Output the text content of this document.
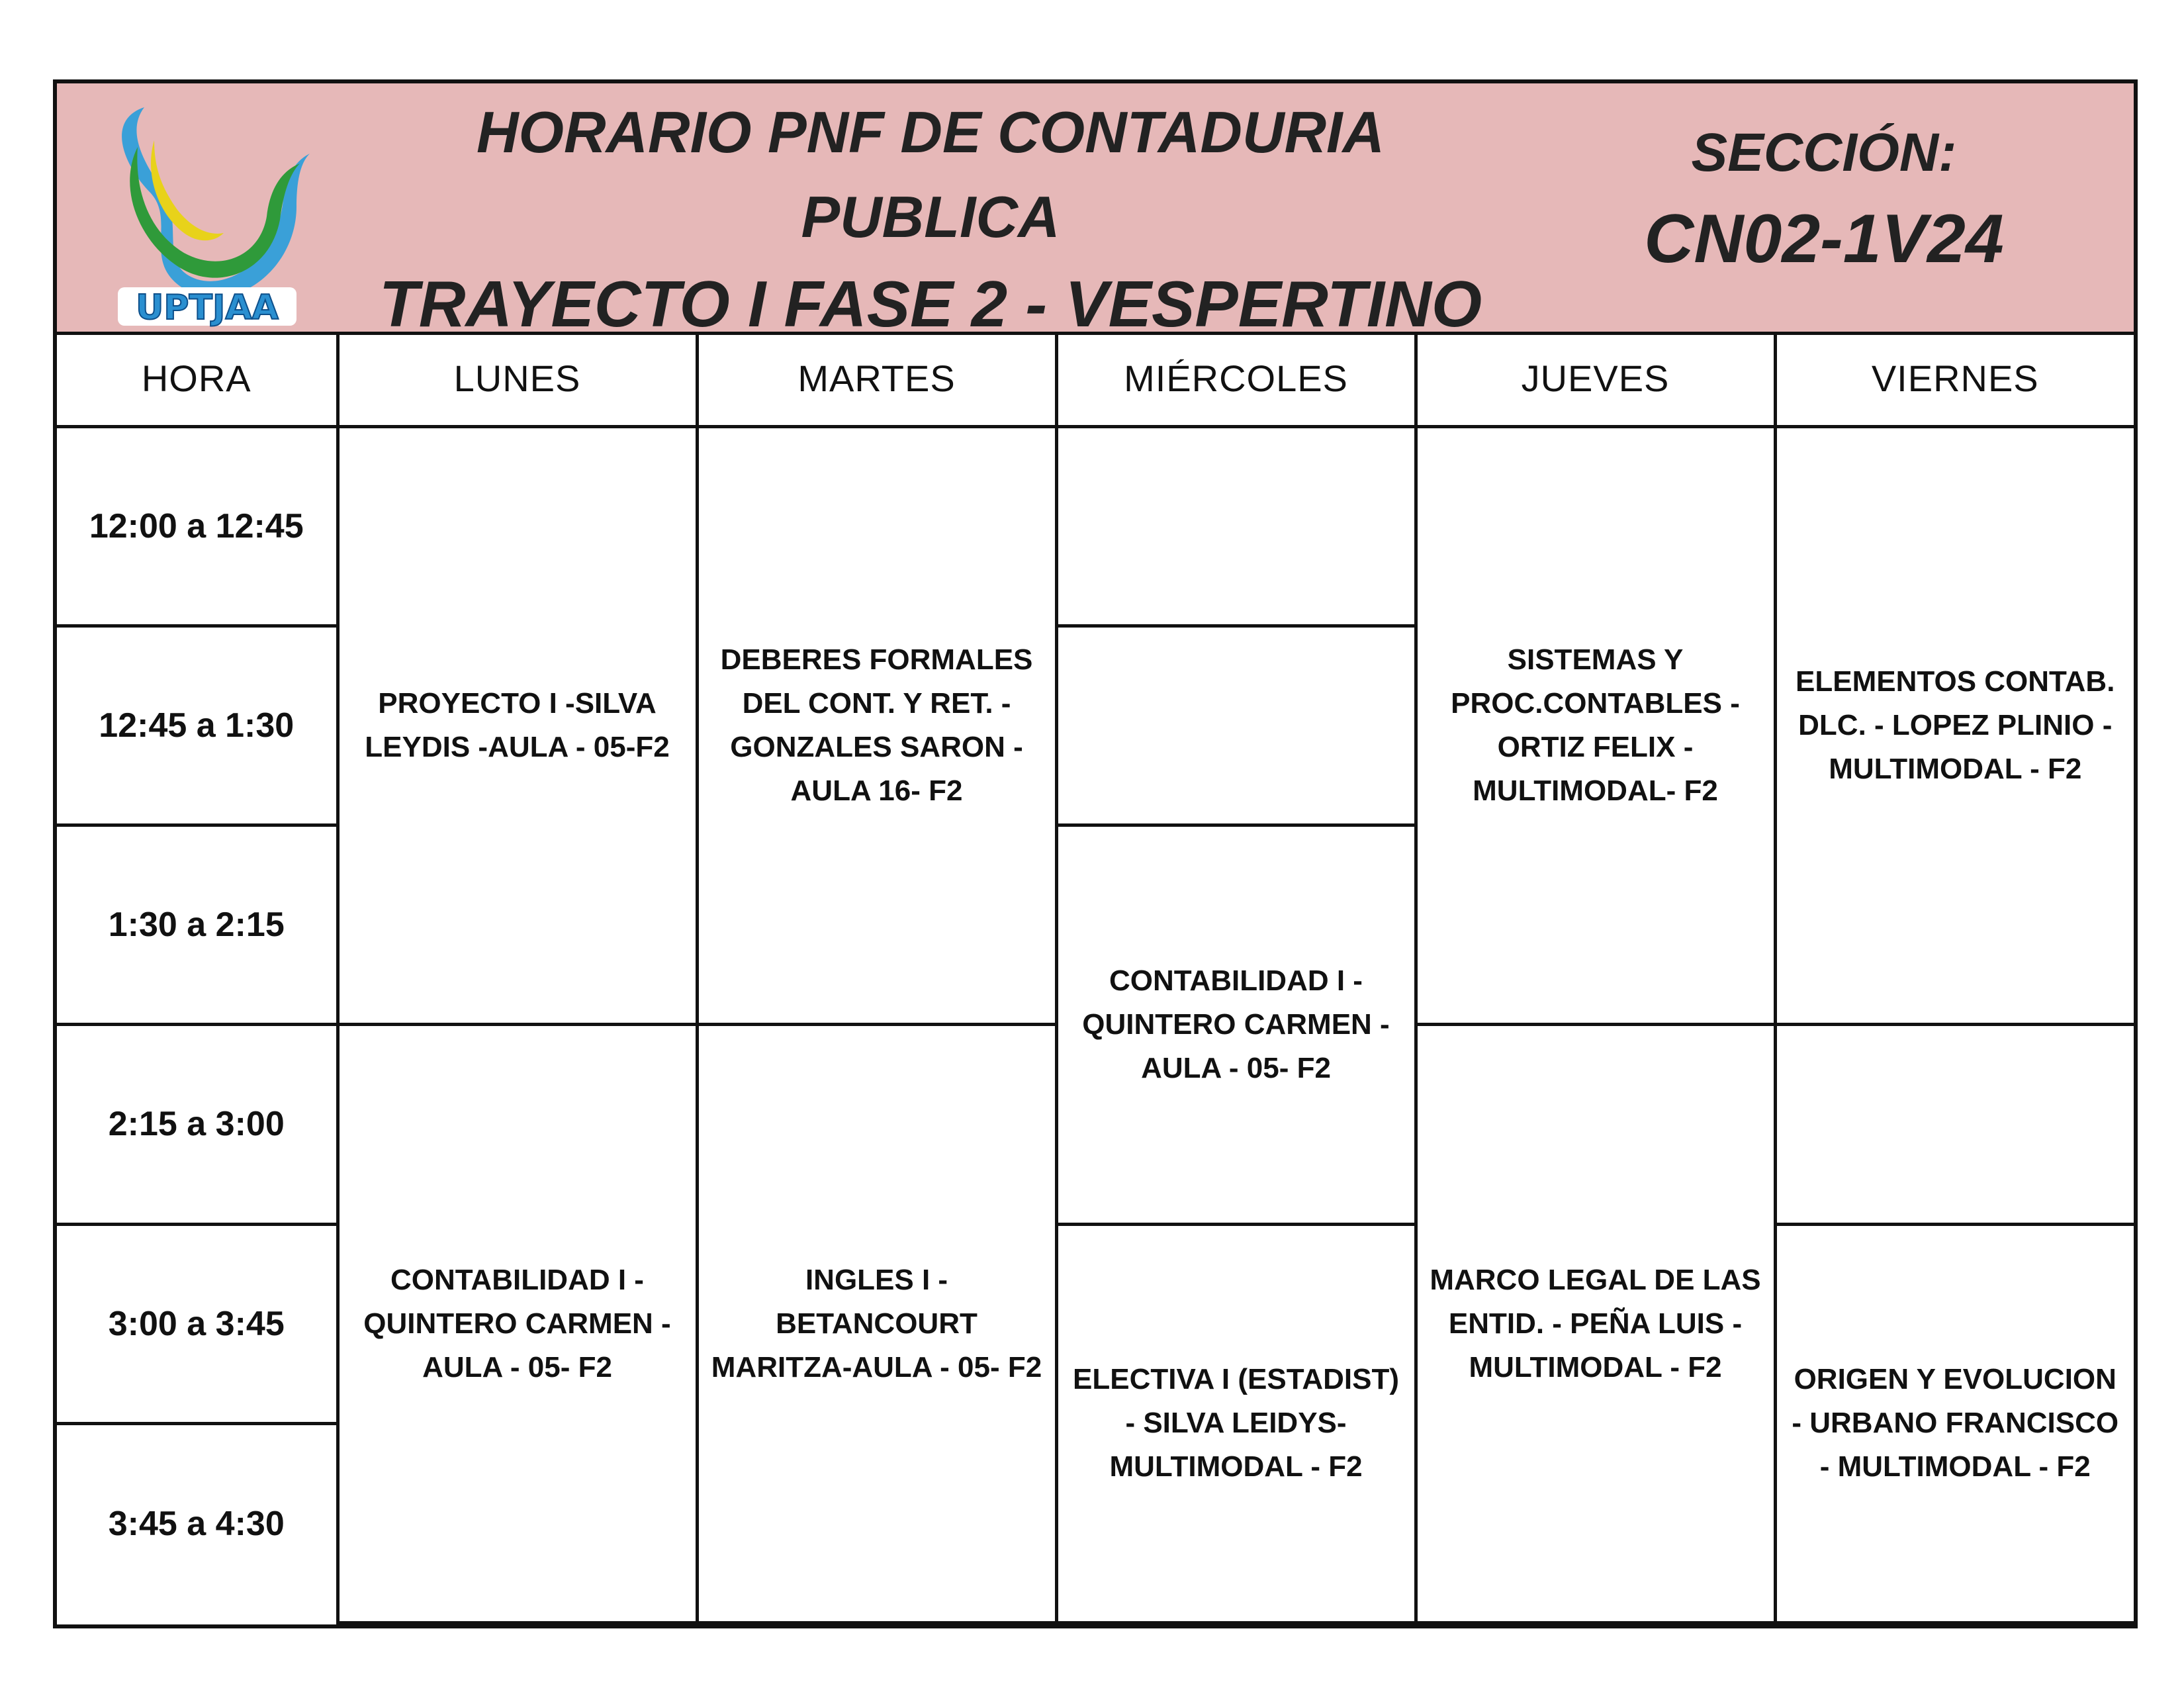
UPTJAA
HORARIO PNF DE CONTADURIA
PUBLICA
TRAYECTO I FASE 2 - VESPERTINO
SECCIÓN:
CN02-1V24
HORA	LUNES	MARTES	MIÉRCOLES	JUEVES	VIERNES
12:00 a 12:45	PROYECTO I -SILVA LEYDIS -AULA - 05-F2	DEBERES FORMALES DEL CONT. Y RET. -GONZALES SARON - AULA 16- F2		SISTEMAS Y PROC.CONTABLES - ORTIZ FELIX - MULTIMODAL- F2	ELEMENTOS CONTAB. DLC. - LOPEZ PLINIO - MULTIMODAL - F2
12:45 a 1:30					
1:30 a 2:15			CONTABILIDAD I - QUINTERO CARMEN - AULA - 05- F2		
2:15 a 3:00	CONTABILIDAD I - QUINTERO CARMEN - AULA - 05- F2	INGLES I -BETANCOURT MARITZA-AULA - 05- F2		MARCO LEGAL DE LAS ENTID. - PEÑA LUIS - MULTIMODAL - F2	
3:00 a 3:45			ELECTIVA I (ESTADIST) - SILVA LEIDYS- MULTIMODAL - F2		ORIGEN Y EVOLUCION - URBANO FRANCISCO - MULTIMODAL - F2
3:45 a 4:30					
